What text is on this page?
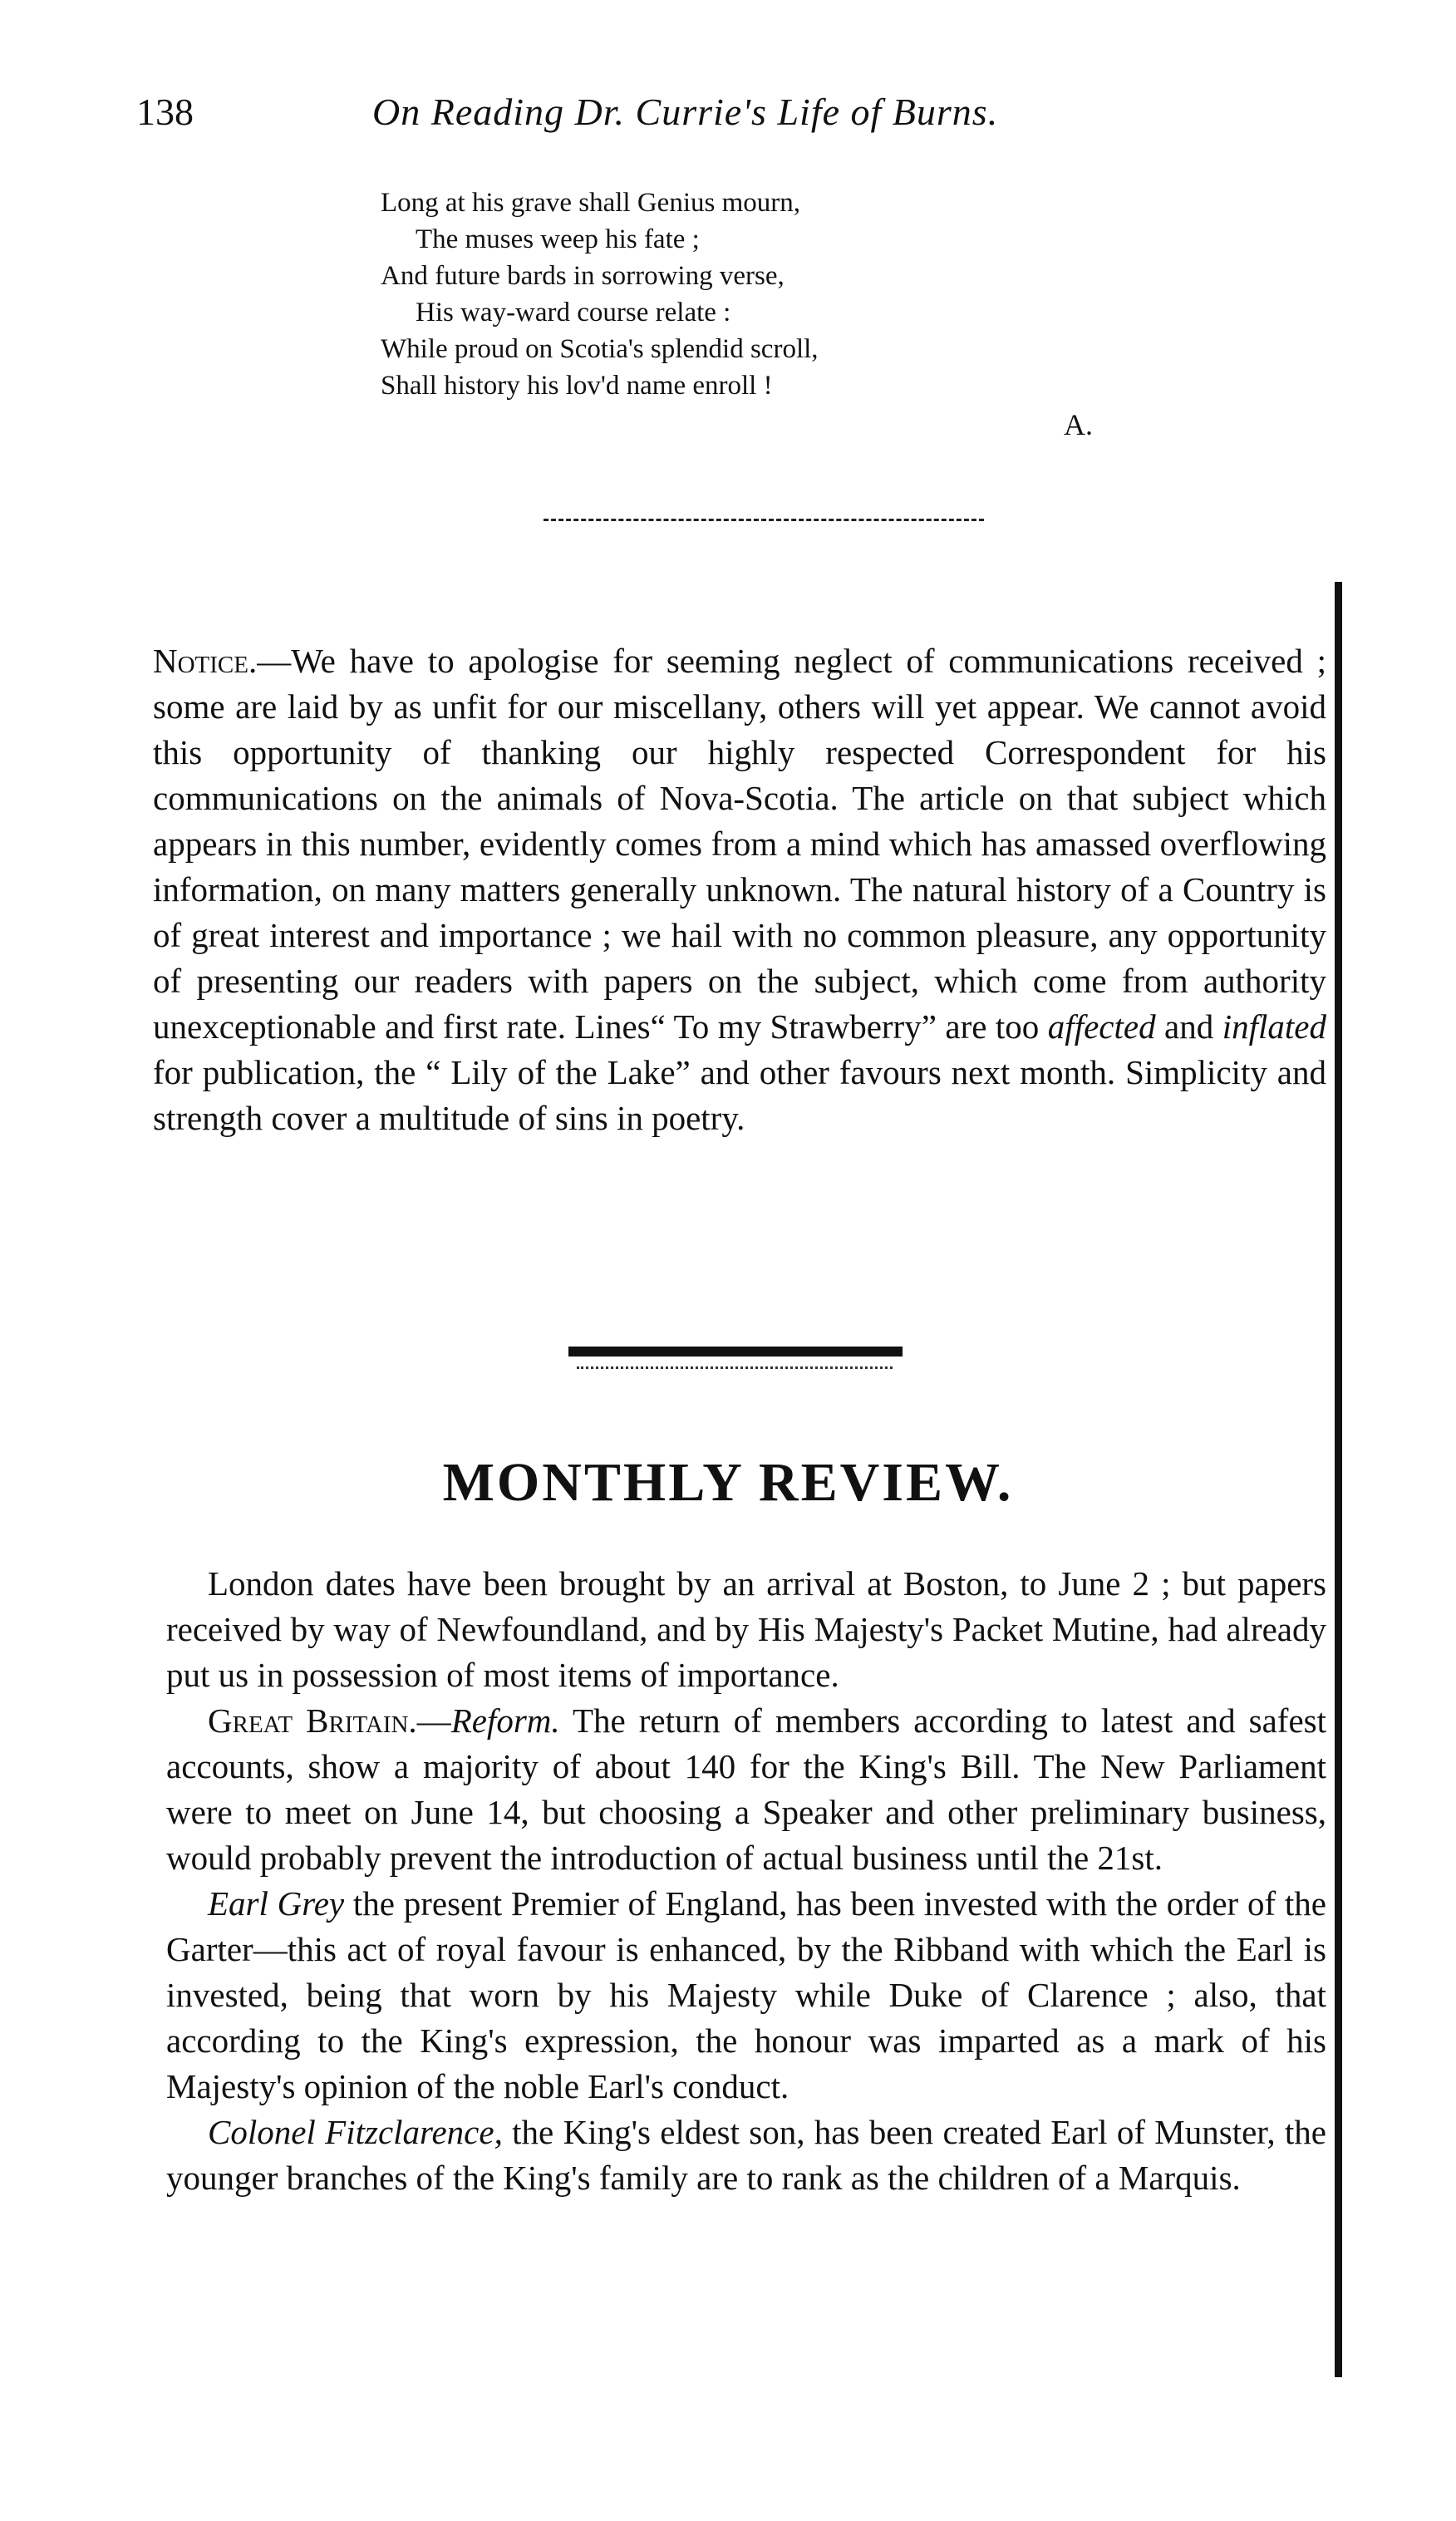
138	On Reading Dr. Currie's Life of Burns.
Long at his grave shall Genius mourn,
The muses weep his fate ;
And future bards in sorrowing verse,
His way-ward course relate :
While proud on Scotia's splendid scroll,
Shall history his lov'd name enroll !
A.
Notice.—We have to apologise for seeming neglect of communications received ; some are laid by as unfit for our miscellany, others will yet appear. We cannot avoid this opportunity of thanking our highly respected Correspondent for his communications on the animals of Nova-Scotia. The article on that subject which appears in this number, evidently comes from a mind which has amassed overflowing information, on many matters generally unknown. The natural history of a Country is of great interest and importance ; we hail with no common pleasure, any opportunity of presenting our readers with papers on the subject, which come from authority unexceptionable and first rate. Lines“ To my Strawberry” are too affected and inflated for publication, the “ Lily of the Lake” and other favours next month. Simplicity and strength cover a multitude of sins in poetry.
MONTHLY REVIEW.

London dates have been brought by an arrival at Boston, to June 2 ; but papers received by way of Newfoundland, and by His Majesty's Packet Mutine, had already put us in possession of most items of importance.

Great Britain.—Reform. The return of members according to latest and safest accounts, show a majority of about 140 for the King's Bill. The New Parliament were to meet on June 14, but choosing a Speaker and other preliminary business, would probably prevent the introduction of actual business until the 21st.

Earl Grey the present Premier of England, has been invested with the order of the Garter—this act of royal favour is enhanced, by the Ribband with which the Earl is invested, being that worn by his Majesty while Duke of Clarence ; also, that according to the King's expression, the honour was imparted as a mark of his Majesty's opinion of the noble Earl's conduct.

Colonel Fitzclarence, the King's eldest son, has been created Earl of Munster, the younger branches of the King's family are to rank as the children of a Marquis.
